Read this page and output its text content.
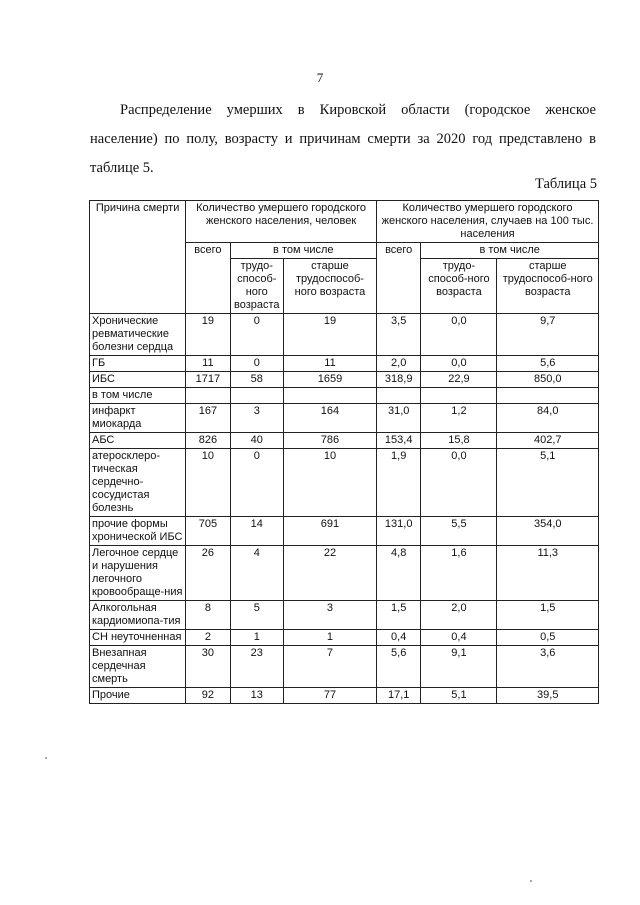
7
Распределение умерших в Кировской области (городское женское население) по полу, возрасту и причинам смерти за 2020 год представлено в таблице 5.
Таблица 5
Причина смерти	Количество умершего городского женского населения, человек			Количество умершего городского женского населения, случаев на 100 тыс. населения		
	всего	в том числе		всего	в том числе	
		трудо-способ-ного возраста	старше трудоспособ-ного возраста		трудо-способ-ного возраста	старше трудоспособ-ного возраста
Хронические ревматические болезни сердца	19	0	19	3,5	0,0	9,7
ГБ	11	0	11	2,0	0,0	5,6
ИБС	1717	58	1659	318,9	22,9	850,0
в том числе						
инфаркт миокарда	167	3	164	31,0	1,2	84,0
АБС	826	40	786	153,4	15,8	402,7
атеросклеро-тическая сердечно-сосудистая болезнь	10	0	10	1,9	0,0	5,1
прочие формы хронической ИБС	705	14	691	131,0	5,5	354,0
Легочное сердце и нарушения легочного кровообраще-ния	26	4	22	4,8	1,6	11,3
Алкогольная кардиомиопа-тия	8	5	3	1,5	2,0	1,5
СН неуточненная	2	1	1	0,4	0,4	0,5
Внезапная сердечная смерть	30	23	7	5,6	9,1	3,6
Прочие	92	13	77	17,1	5,1	39,5
